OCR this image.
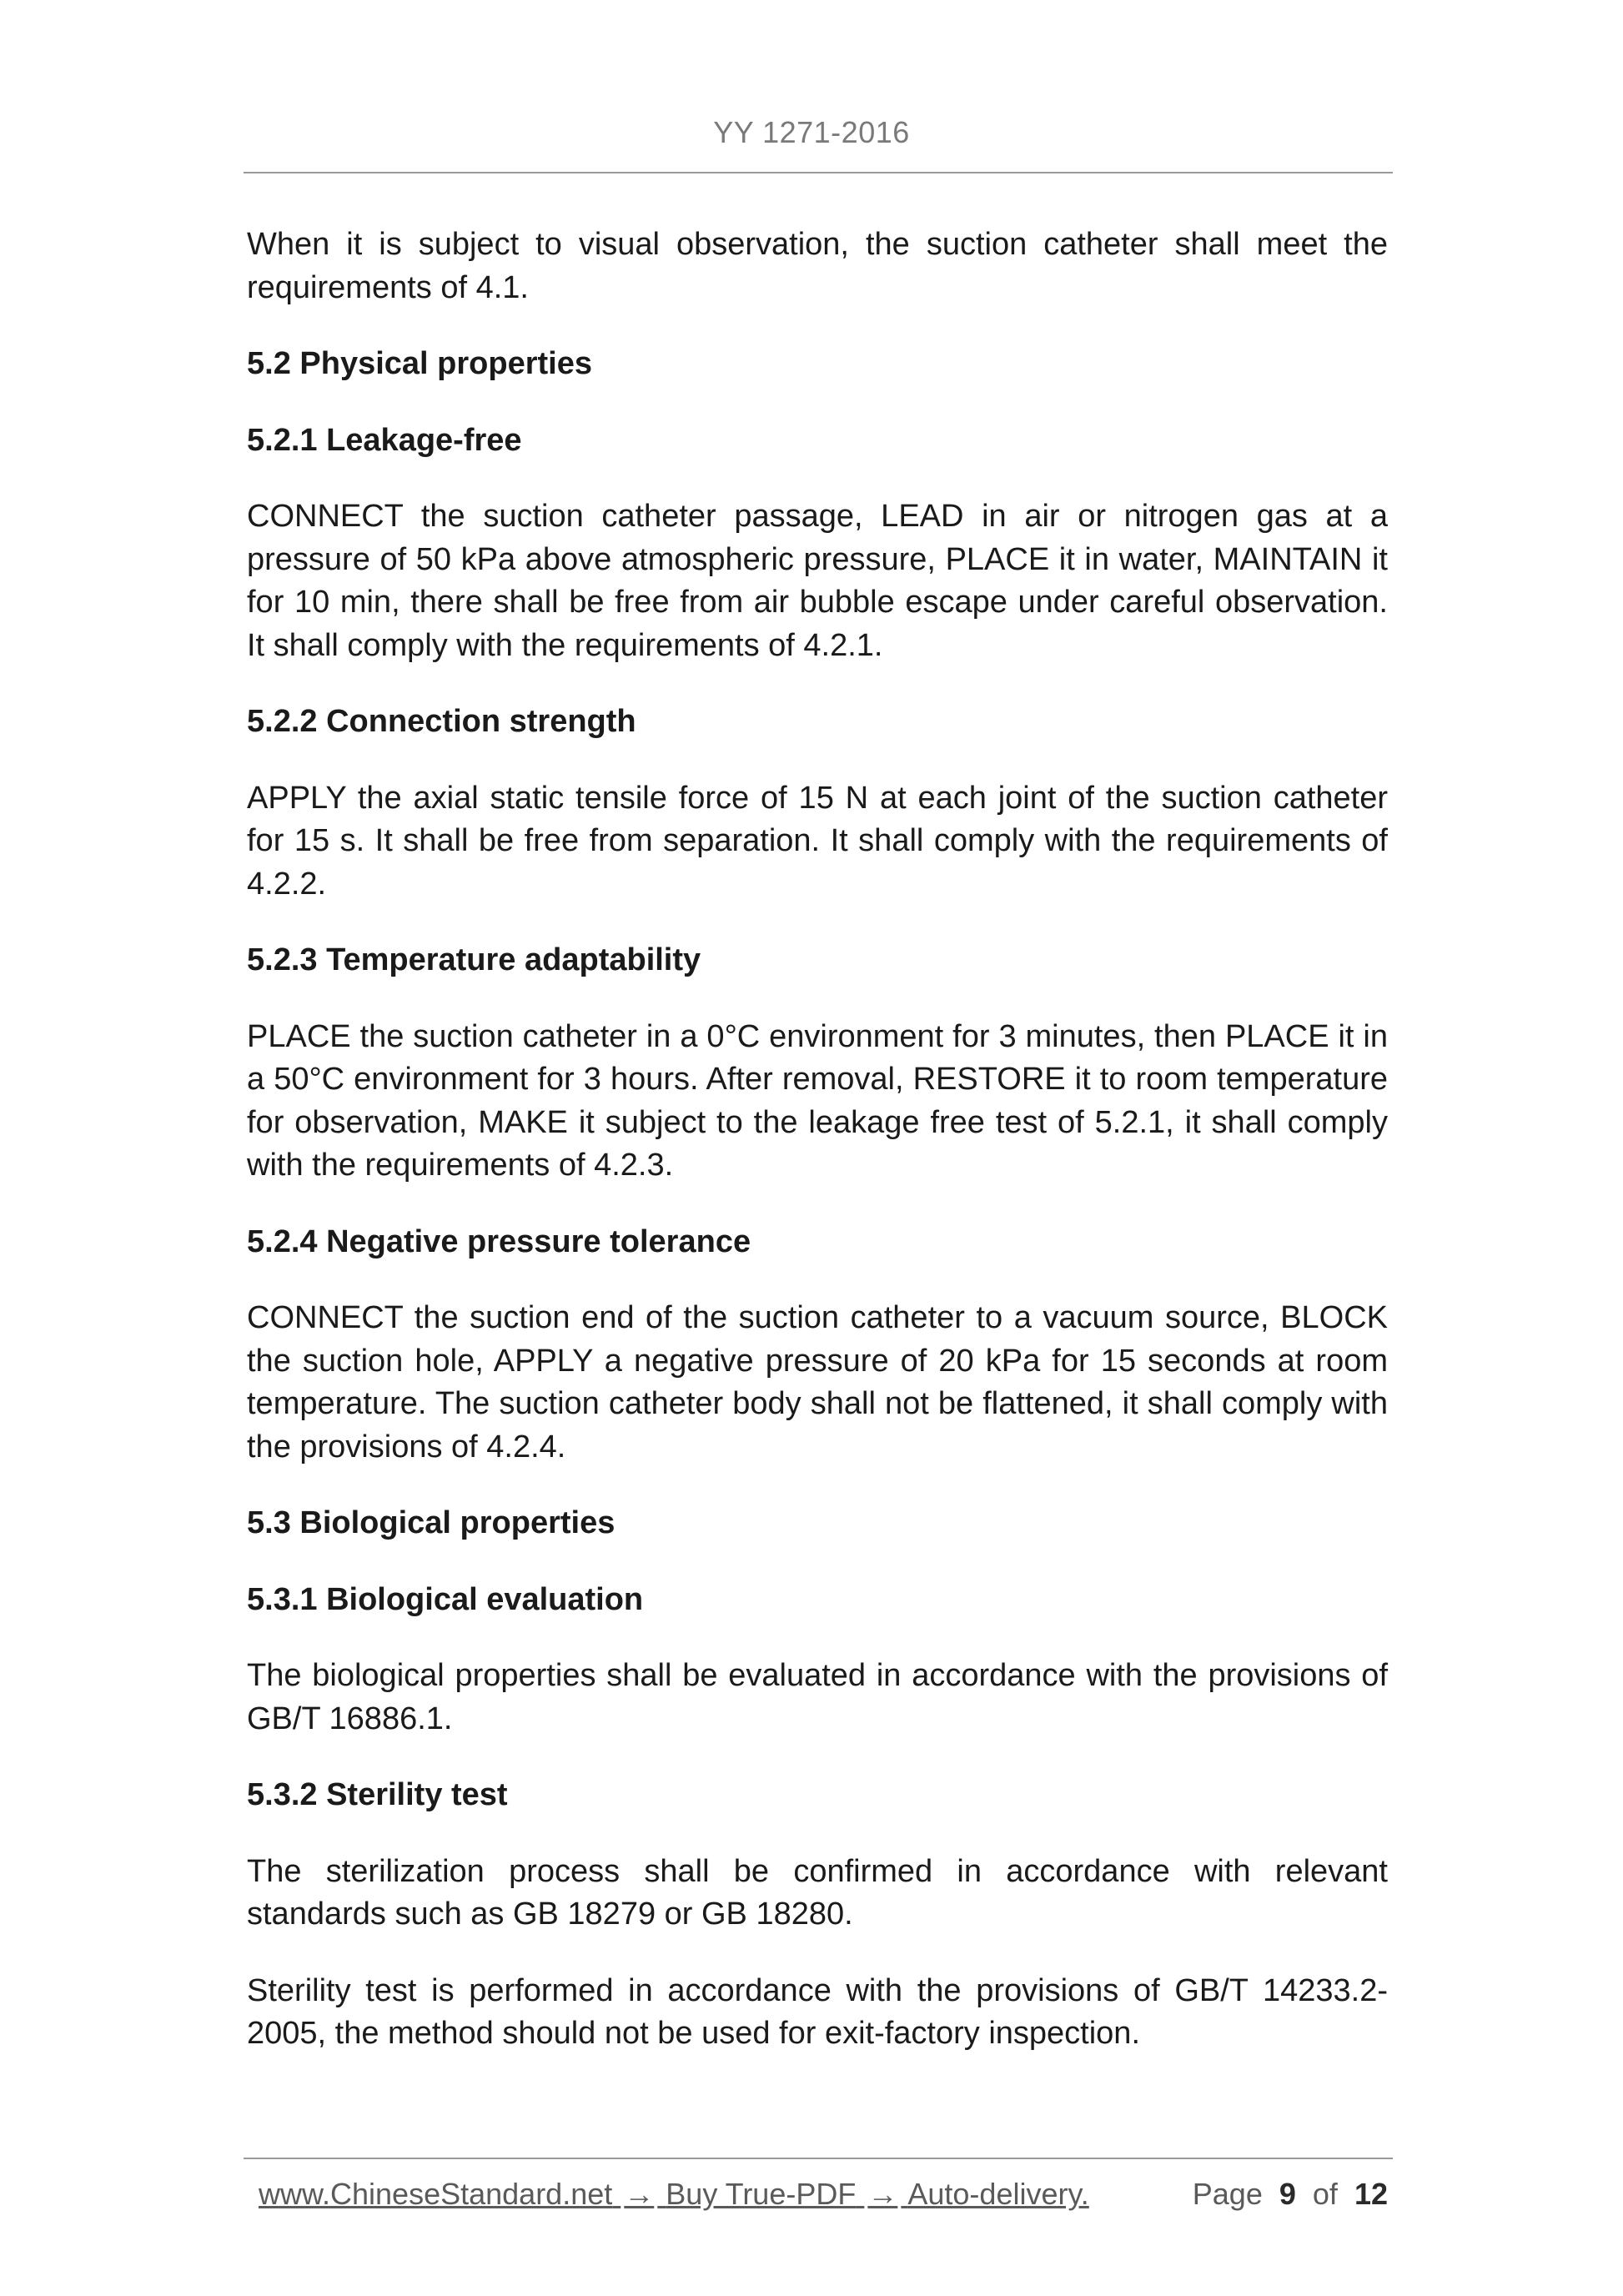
YY 1271-2016

When it is subject to visual observation, the suction catheter shall meet the requirements of 4.1.

5.2 Physical properties

5.2.1 Leakage-free

CONNECT the suction catheter passage, LEAD in air or nitrogen gas at a pressure of 50 kPa above atmospheric pressure, PLACE it in water, MAINTAIN it for 10 min, there shall be free from air bubble escape under careful observation. It shall comply with the requirements of 4.2.1.

5.2.2 Connection strength

APPLY the axial static tensile force of 15 N at each joint of the suction catheter for 15 s. It shall be free from separation. It shall comply with the requirements of 4.2.2.

5.2.3 Temperature adaptability

PLACE the suction catheter in a 0°C environment for 3 minutes, then PLACE it in a 50°C environment for 3 hours. After removal, RESTORE it to room temperature for observation, MAKE it subject to the leakage free test of 5.2.1, it shall comply with the requirements of 4.2.3.

5.2.4 Negative pressure tolerance

CONNECT the suction end of the suction catheter to a vacuum source, BLOCK the suction hole, APPLY a negative pressure of 20 kPa for 15 seconds at room temperature. The suction catheter body shall not be flattened, it shall comply with the provisions of 4.2.4.

5.3 Biological properties

5.3.1 Biological evaluation

The biological properties shall be evaluated in accordance with the provisions of GB/T 16886.1.

5.3.2 Sterility test

The sterilization process shall be confirmed in accordance with relevant standards such as GB 18279 or GB 18280.

Sterility test is performed in accordance with the provisions of GB/T 14233.2-2005, the method should not be used for exit-factory inspection.

www.ChineseStandard.net → Buy True-PDF → Auto-delivery.	Page 9 of 12
